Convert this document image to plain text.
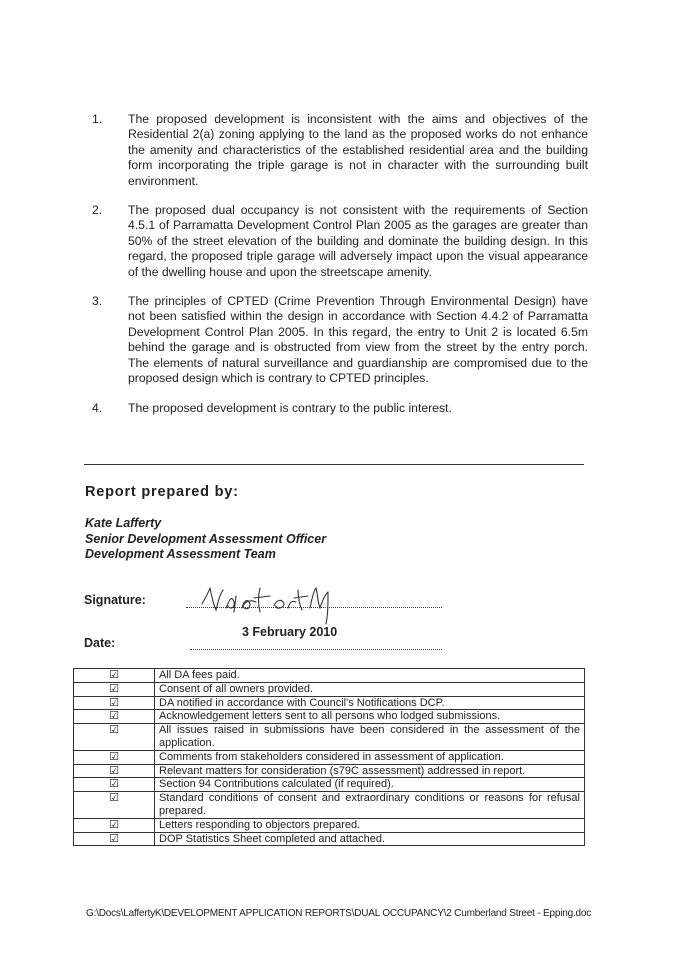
1.	The proposed development is inconsistent with the aims and objectives of the Residential 2(a) zoning applying to the land as the proposed works do not enhance the amenity and characteristics of the established residential area and the building form incorporating the triple garage is not in character with the surrounding built environment.
2.	The proposed dual occupancy is not consistent with the requirements of Section 4.5.1 of Parramatta Development Control Plan 2005 as the garages are greater than 50% of the street elevation of the building and dominate the building design. In this regard, the proposed triple garage will adversely impact upon the visual appearance of the dwelling house and upon the streetscape amenity.
3.	The principles of CPTED (Crime Prevention Through Environmental Design) have not been satisfied within the design in accordance with Section 4.4.2 of Parramatta Development Control Plan 2005. In this regard, the entry to Unit 2 is located 6.5m behind the garage and is obstructed from view from the street by the entry porch. The elements of natural surveillance and guardianship are compromised due to the proposed design which is contrary to CPTED principles.
4.	The proposed development is contrary to the public interest.
Report prepared by:
Kate Lafferty
Senior Development Assessment Officer
Development Assessment Team
Signature:
3 February 2010
Date:
☑	All DA fees paid.
☑	Consent of all owners provided.
☑	DA notified in accordance with Council's Notifications DCP.
☑	Acknowledgement letters sent to all persons who lodged submissions.
☑	All issues raised in submissions have been considered in the assessment of the application.
☑	Comments from stakeholders considered in assessment of application.
☑	Relevant matters for consideration (s79C assessment) addressed in report.
☑	Section 94 Contributions calculated (if required).
☑	Standard conditions of consent and extraordinary conditions or reasons for refusal prepared.
☑	Letters responding to objectors prepared.
☑	DOP Statistics Sheet completed and attached.
G:\Docs\LaffertyK\DEVELOPMENT APPLICATION REPORTS\DUAL OCCUPANCY\2 Cumberland Street - Epping.doc
